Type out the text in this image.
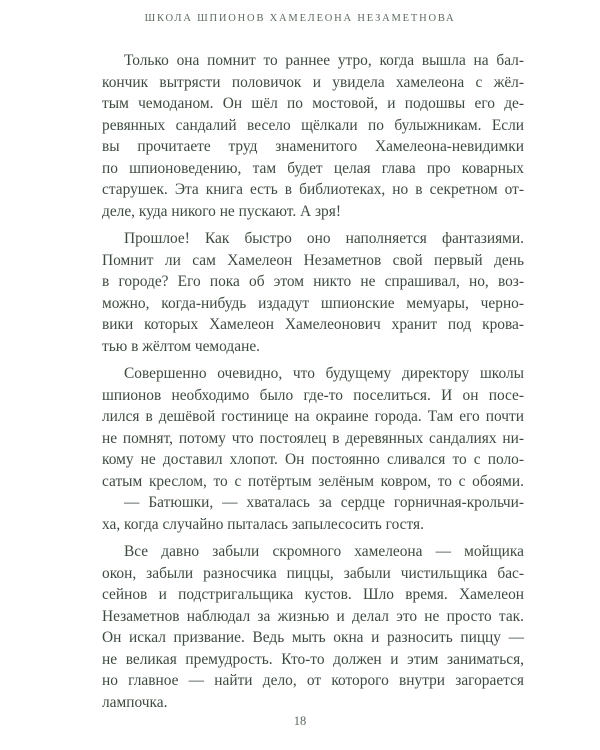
ШКОЛА ШПИОНОВ ХАМЕЛЕОНА НЕЗАМЕТНОВА
Только она помнит то раннее утро, когда вышла на бал-
кончик вытрясти половичок и увидела хамелеона с жёл-
тым чемоданом. Он шёл по мостовой, и подошвы его де-
ревянных сандалий весело щёлкали по булыжникам. Если
вы прочитаете труд знаменитого Хамелеона-невидимки
по шпионоведению, там будет целая глава про коварных
старушек. Эта книга есть в библиотеках, но в секретном от-
деле, куда никого не пускают. А зря!
Прошлое! Как быстро оно наполняется фантазиями.
Помнит ли сам Хамелеон Незаметнов свой первый день
в городе? Его пока об этом никто не спрашивал, но, воз-
можно, когда-нибудь издадут шпионские мемуары, черно-
вики которых Хамелеон Хамелеонович хранит под крова-
тью в жёлтом чемодане.
Совершенно очевидно, что будущему директору школы
шпионов необходимо было где-то поселиться. И он посе-
лился в дешёвой гостинице на окраине города. Там его почти
не помнят, потому что постоялец в деревянных сандалиях ни-
кому не доставил хлопот. Он постоянно сливался то с поло-
сатым креслом, то с потёртым зелёным ковром, то с обоями.
— Батюшки, — хваталась за сердце горничная-крольчи-
ха, когда случайно пыталась запылесосить гостя.
Все давно забыли скромного хамелеона — мойщика
окон, забыли разносчика пиццы, забыли чистильщика бас-
сейнов и подстригальщика кустов. Шло время. Хамелеон
Незаметнов наблюдал за жизнью и делал это не просто так.
Он искал призвание. Ведь мыть окна и разносить пиццу —
не великая премудрость. Кто-то должен и этим заниматься,
но главное — найти дело, от которого внутри загорается
лампочка.
18
